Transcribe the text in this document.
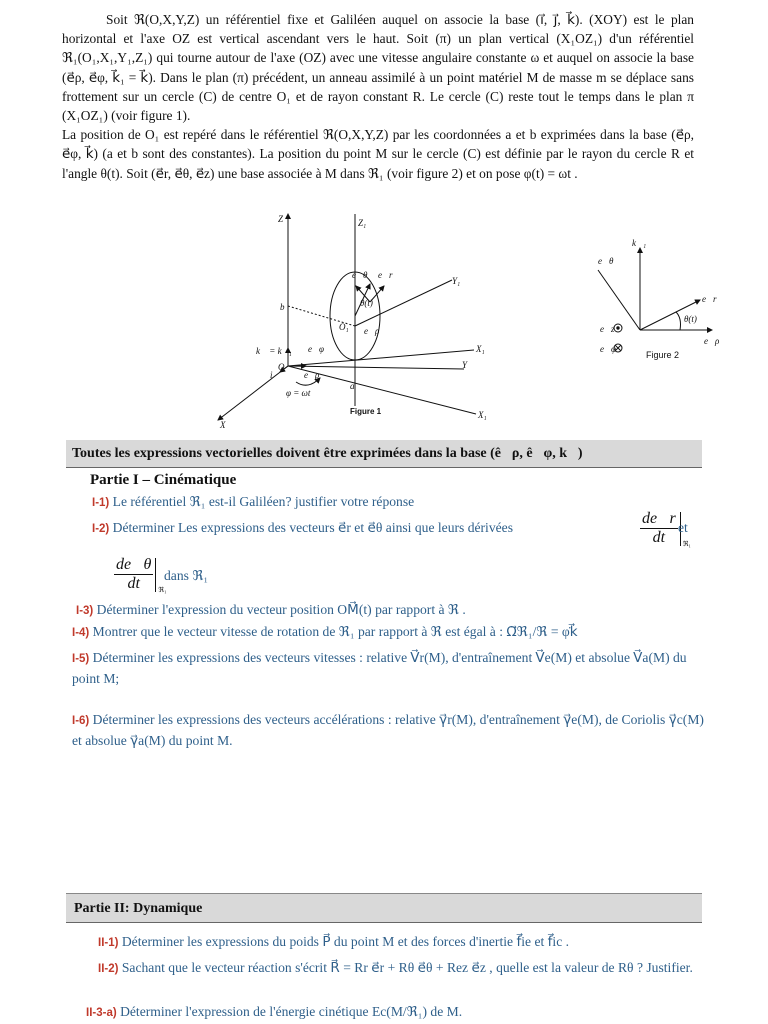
Soit ℜ(O,X,Y,Z) un référentiel fixe et Galiléen auquel on associe la base (i⃗, j⃗, k⃗). (XOY) est le plan horizontal et l'axe OZ est vertical ascendant vers le haut. Soit (π) un plan vertical (X₁OZ₁) d'un référentiel ℜ₁(O₁,X₁,Y₁,Z₁) qui tourne autour de l'axe (OZ) avec une vitesse angulaire constante ω et auquel on associe la base (e⃗ρ, e⃗φ, k⃗₁ = k⃗). Dans le plan (π) précédent, un anneau assimilé à un point matériel M de masse m se déplace sans frottement sur un cercle (C) de centre O₁ et de rayon constant R. Le cercle (C) reste tout le temps dans le plan π (X₁OZ₁) (voir figure 1).

La position de O₁ est repéré dans le référentiel ℜ(O,X,Y,Z) par les coordonnées a et b exprimées dans la base (e⃗ρ, e⃗φ, k⃗) (a et b sont des constantes). La position du point M sur le cercle (C) est définie par le rayon du cercle R et l'angle θ(t). Soit (e⃗r, e⃗θ, e⃗z) une base associée à M dans ℜ₁ (voir figure 2) et on pose φ(t) = ωt .

Z	Z₁
Y₁
X₁
Y
X₁
X
O
O₁
b
a
k⃗ = k⃗₁
i⃗
e⃗φ
e⃗ρ
φ = ωt
e⃗θ e⃗r
θ(t)
e⃗ρ
Figure 1
e⃗θ
k⃗₁
e⃗r
θ(t)
e⃗ρ
e⃗z
e⃗φ
Figure 2
Toutes les expressions vectorielles doivent être exprimées dans la base (ê⃗ρ, ê⃗φ, k⃗)
Partie I – Cinématique
I-1) Le référentiel ℜ₁ est-il Galiléen? justifier votre réponse
I-2) Déterminer Les expressions des vecteurs e⃗r et e⃗θ ainsi que leurs dérivées	$\frac{de⃗r}{dt}$ ℜ₁
et
$\frac{de⃗\theta}{dt}$ ℜ₁
dans ℜ₁
I-3) Déterminer l'expression du vecteur position OM⃗(t) par rapport à ℜ .
I-4) Montrer que le vecteur vitesse de rotation de ℜ₁ par rapport à ℜ est égal à : Ω⃗ℜ₁/ℜ = φ̇k⃗
I-5) Déterminer les expressions des vecteurs vitesses : relative V⃗r(M), d'entraînement V⃗e(M) et absolue V⃗a(M) du point M;
I-6) Déterminer les expressions des vecteurs accélérations : relative γ⃗r(M), d'entraînement γ⃗e(M), de Coriolis γ⃗c(M) et absolue γ⃗a(M) du point M.
Partie II: Dynamique
II-1) Déterminer les expressions du poids P⃗ du point M et des forces d'inertie f⃗ie et f⃗ic .
II-2) Sachant que le vecteur réaction s'écrit R⃗ = Rr e⃗r + Rθ e⃗θ + Rez e⃗z , quelle est la valeur de Rθ ? Justifier.
II-3-a) Déterminer l'expression de l'énergie cinétique Ec(M/ℜ₁) de M.
